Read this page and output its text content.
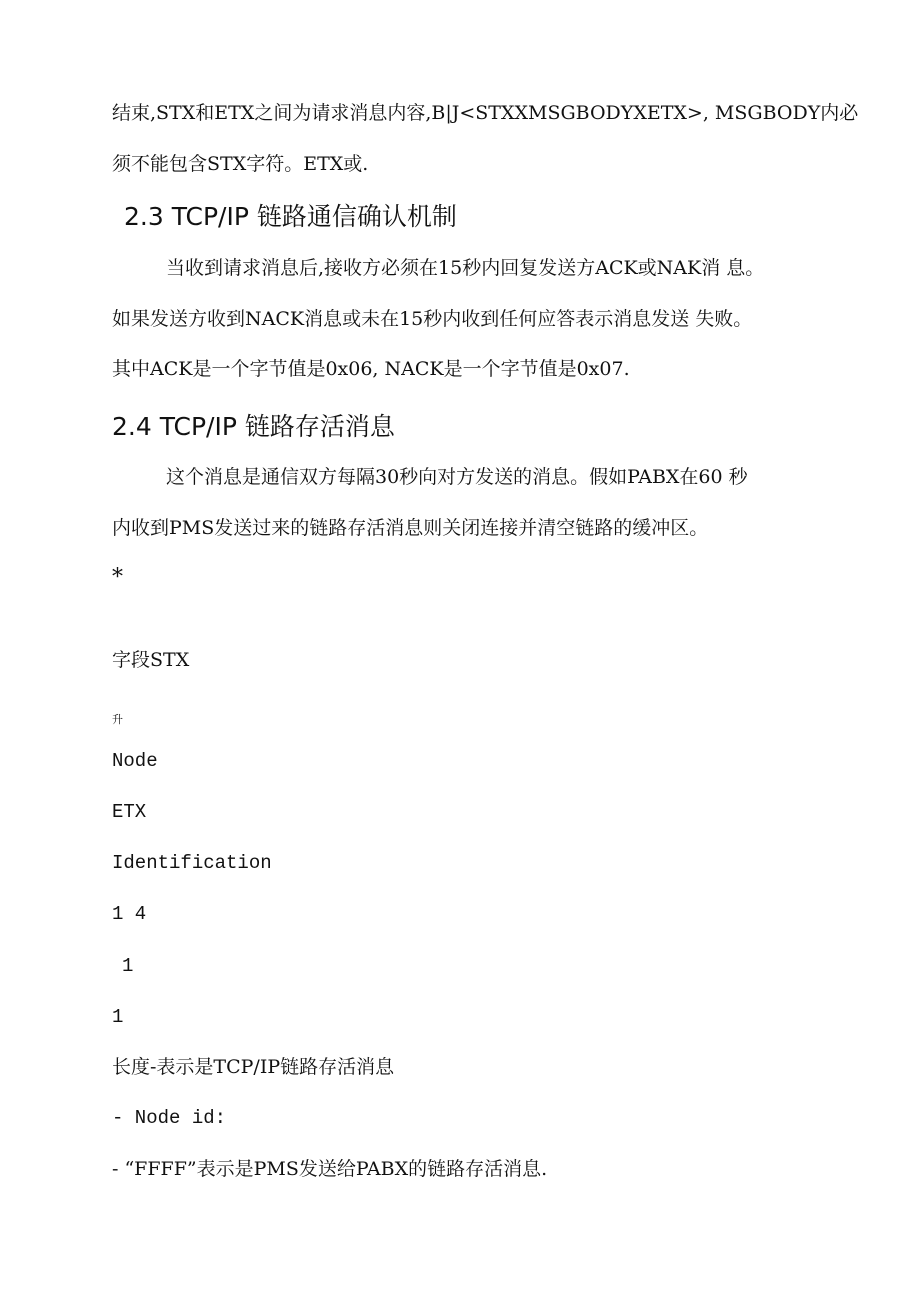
结束,STX和ETX之间为请求消息内容,B|J<STXXMSGBODYXETX>, MSGBODY内必
须不能包含STX字符。ETX或.
2.3 TCP/IP 链路通信确认机制
当收到请求消息后,接收方必须在15秒内回复发送方ACK或NAK消 息。
如果发送方收到NACK消息或未在15秒内收到任何应答表示消息发送 失败。
其中ACK是一个字节值是0x06, NACK是一个字节值是0x07.
2.4 TCP/IP 链路存活消息
这个消息是通信双方每隔30秒向对方发送的消息。假如PABX在60 秒
内收到PMS发送过来的链路存活消息则关闭连接并清空链路的缓冲区。
*
字段STX
升
Node
ETX
Identification
1 4
1
1
长度-表示是TCP/IP链路存活消息
- Node id:
- “FFFF”表示是PMS发送给PABX的链路存活消息.
